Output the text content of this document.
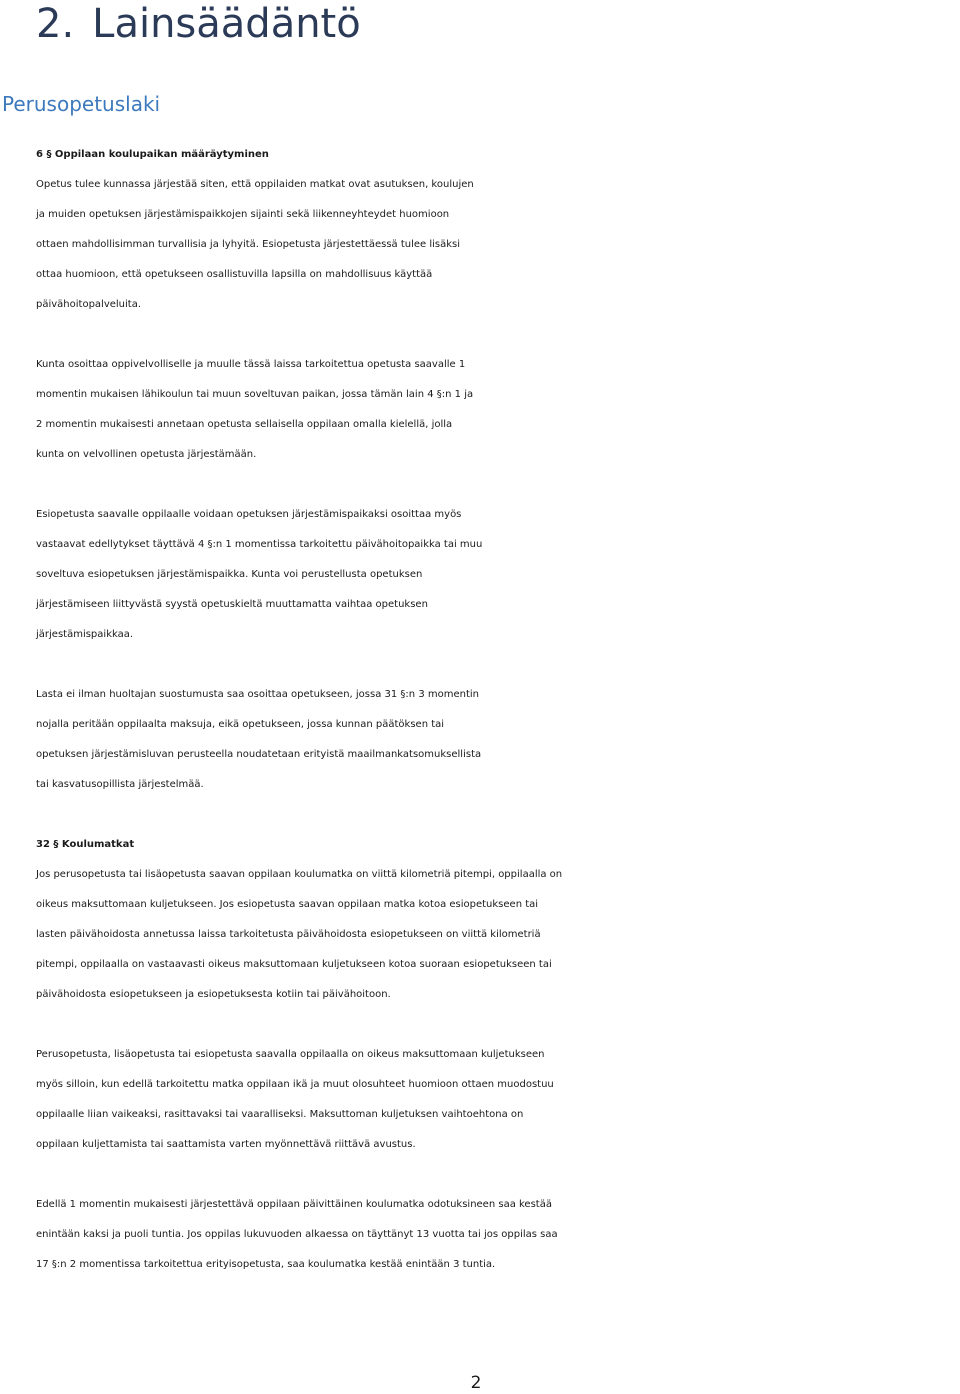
2. Lainsäädäntö
Perusopetuslaki
6 § Oppilaan koulupaikan määräytyminen

Opetus tulee kunnassa järjestää siten, että oppilaiden matkat ovat asutuksen, koulujen
ja muiden opetuksen järjestämispaikkojen sijainti sekä liikenneyhteydet huomioon
ottaen mahdollisimman turvallisia ja lyhyitä. Esiopetusta järjestettäessä tulee lisäksi
ottaa huomioon, että opetukseen osallistuvilla lapsilla on mahdollisuus käyttää
päivähoitopalveluita.

Kunta osoittaa oppivelvolliselle ja muulle tässä laissa tarkoitettua opetusta saavalle 1
momentin mukaisen lähikoulun tai muun soveltuvan paikan, jossa tämän lain 4 §:n 1 ja
2 momentin mukaisesti annetaan opetusta sellaisella oppilaan omalla kielellä, jolla
kunta on velvollinen opetusta järjestämään.

Esiopetusta saavalle oppilaalle voidaan opetuksen järjestämispaikaksi osoittaa myös
vastaavat edellytykset täyttävä 4 §:n 1 momentissa tarkoitettu päivähoitopaikka tai muu
soveltuva esiopetuksen järjestämispaikka. Kunta voi perustellusta opetuksen
järjestämiseen liittyvästä syystä opetuskieltä muuttamatta vaihtaa opetuksen
järjestämispaikkaa.

Lasta ei ilman huoltajan suostumusta saa osoittaa opetukseen, jossa 31 §:n 3 momentin
nojalla peritään oppilaalta maksuja, eikä opetukseen, jossa kunnan päätöksen tai
opetuksen järjestämisluvan perusteella noudatetaan erityistä maailmankatsomuksellista
tai kasvatusopillista järjestelmää.

32 § Koulumatkat

Jos perusopetusta tai lisäopetusta saavan oppilaan koulumatka on viittä kilometriä pitempi, oppilaalla on
oikeus maksuttomaan kuljetukseen. Jos esiopetusta saavan oppilaan matka kotoa esiopetukseen tai
lasten päivähoidosta annetussa laissa tarkoitetusta päivähoidosta esiopetukseen on viittä kilometriä
pitempi, oppilaalla on vastaavasti oikeus maksuttomaan kuljetukseen kotoa suoraan esiopetukseen tai
päivähoidosta esiopetukseen ja esiopetuksesta kotiin tai päivähoitoon.

Perusopetusta, lisäopetusta tai esiopetusta saavalla oppilaalla on oikeus maksuttomaan kuljetukseen
myös silloin, kun edellä tarkoitettu matka oppilaan ikä ja muut olosuhteet huomioon ottaen muodostuu
oppilaalle liian vaikeaksi, rasittavaksi tai vaaralliseksi. Maksuttoman kuljetuksen vaihtoehtona on
oppilaan kuljettamista tai saattamista varten myönnettävä riittävä avustus.

Edellä 1 momentin mukaisesti järjestettävä oppilaan päivittäinen koulumatka odotuksineen saa kestää
enintään kaksi ja puoli tuntia. Jos oppilas lukuvuoden alkaessa on täyttänyt 13 vuotta tai jos oppilas saa
17 §:n 2 momentissa tarkoitettua erityisopetusta, saa koulumatka kestää enintään 3 tuntia.

2
